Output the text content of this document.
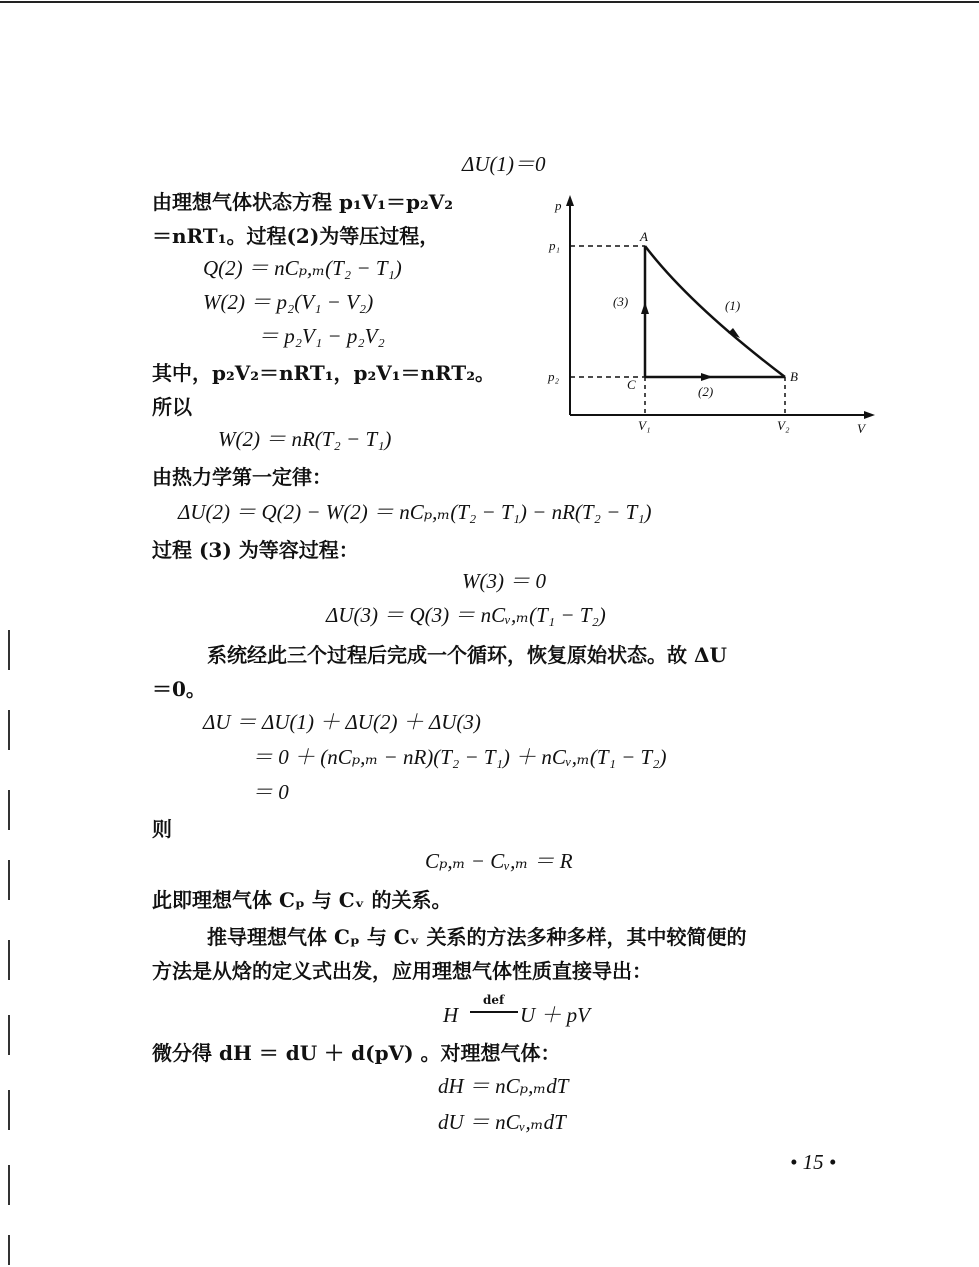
ΔU(1)＝0
由理想气体状态方程 p₁V₁＝p₂V₂
＝nRT₁。过程(2)为等压过程，
Q(2) ＝ nCₚ,ₘ(T₂ − T₁)
W(2) ＝ p₂(V₁ − V₂)
＝ p₂V₁ − p₂V₂
其中，p₂V₂＝nRT₁，p₂V₁＝nRT₂。
所以
W(2) ＝ nR(T₂ − T₁)
由热力学第一定律：
ΔU(2) ＝ Q(2) − W(2) ＝ nCₚ,ₘ(T₂ − T₁) − nR(T₂ − T₁)
过程 (3) 为等容过程：
W(3) ＝ 0
ΔU(3) ＝ Q(3) ＝ nCᵥ,ₘ(T₁ − T₂)
系统经此三个过程后完成一个循环，恢复原始状态。故 ΔU
＝0。
ΔU ＝ ΔU(1) ＋ ΔU(2) ＋ ΔU(3)
＝ 0 ＋ (nCₚ,ₘ − nR)(T₂ − T₁) ＋ nCᵥ,ₘ(T₁ − T₂)
＝ 0
则
Cₚ,ₘ − Cᵥ,ₘ ＝ R
此即理想气体 Cₚ 与 Cᵥ 的关系。
推导理想气体 Cₚ 与 Cᵥ 关系的方法多种多样，其中较简便的
方法是从焓的定义式出发，应用理想气体性质直接导出：
H
def
U ＋ pV
微分得 dH ＝ dU ＋ d(pV) 。对理想气体：
dH ＝ nCₚ,ₘdT
dU ＝ nCᵥ,ₘdT
• 15 •
p
p₁
p₂
A
B
C
(3)	(1)
(2)
V₁	V₂	V
